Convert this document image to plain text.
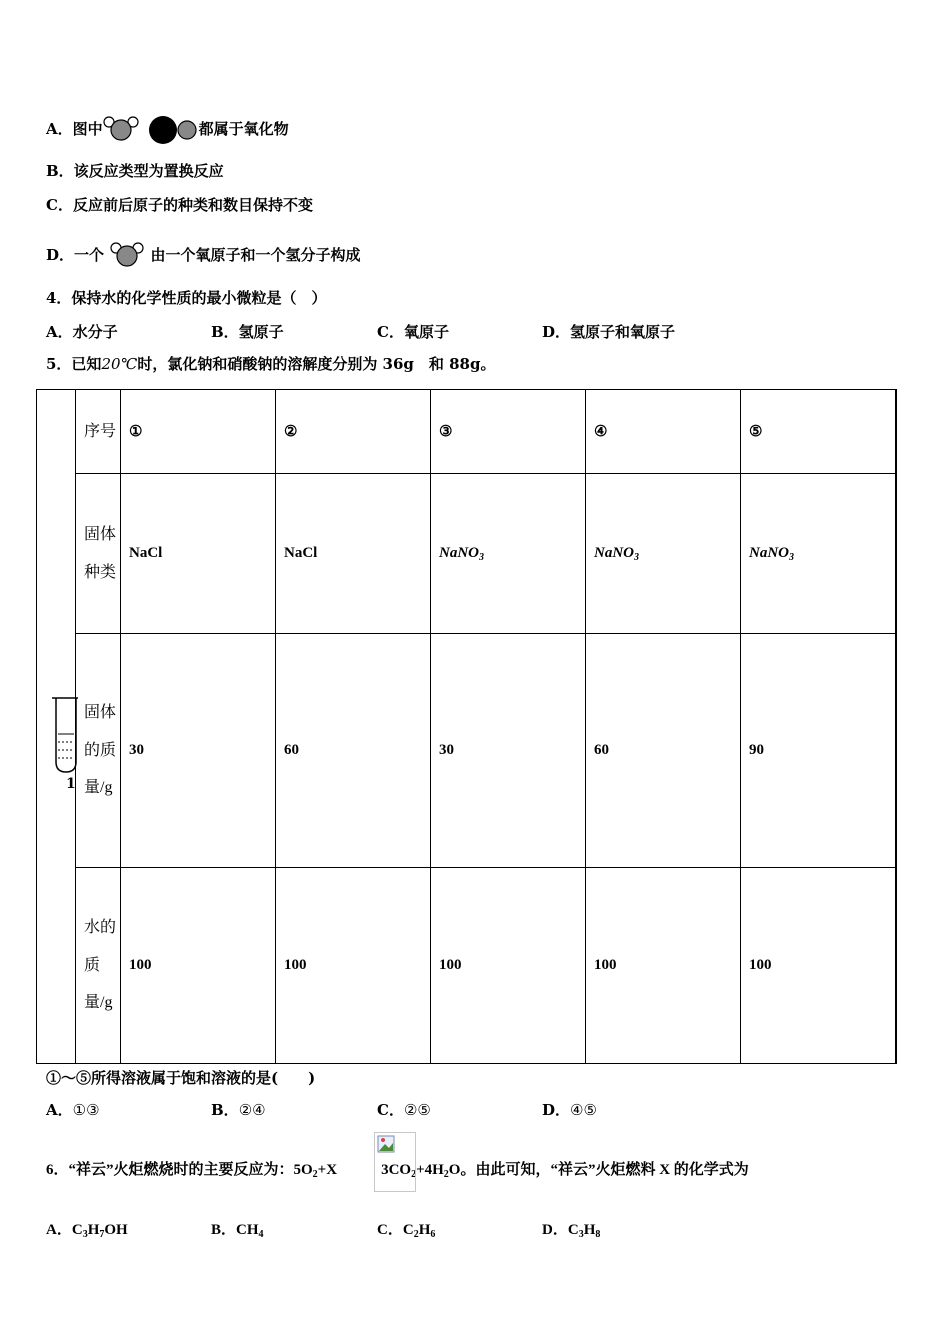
A．图中	都属于氧化物
B．该反应类型为置换反应
C．反应前后原子的种类和数目保持不变
D．一个	由一个氧原子和一个氢分子构成
4．保持水的化学性质的最小微粒是（　）
A．水分子	B．氢原子	C．氧原子	D．氢原子和氧原子
5．已知20℃时，氯化钠和硝酸钠的溶解度分别为 36g　和 88g。
1
序号	①	②	③	④	⑤
固体种类	NaCl	NaCl	NaNO$_3$	NaNO$_3$	NaNO$_3$
固体的质量/g	30	60	30	60	90
水的质量/g	100	100	100	100	100
①～⑤所得溶液属于饱和溶液的是(　　)
A．①③	B．②④	C．②⑤	D．④⑤
6．“祥云”火炬燃烧时的主要反应为：$5O_2+X$	$3CO_2+4H_2O$。由此可知，“祥云”火炬燃料 X 的化学式为
A．$C_3H_7OH$	B．$CH_4$	C．$C_2H_6$	D．$C_3H_8$
